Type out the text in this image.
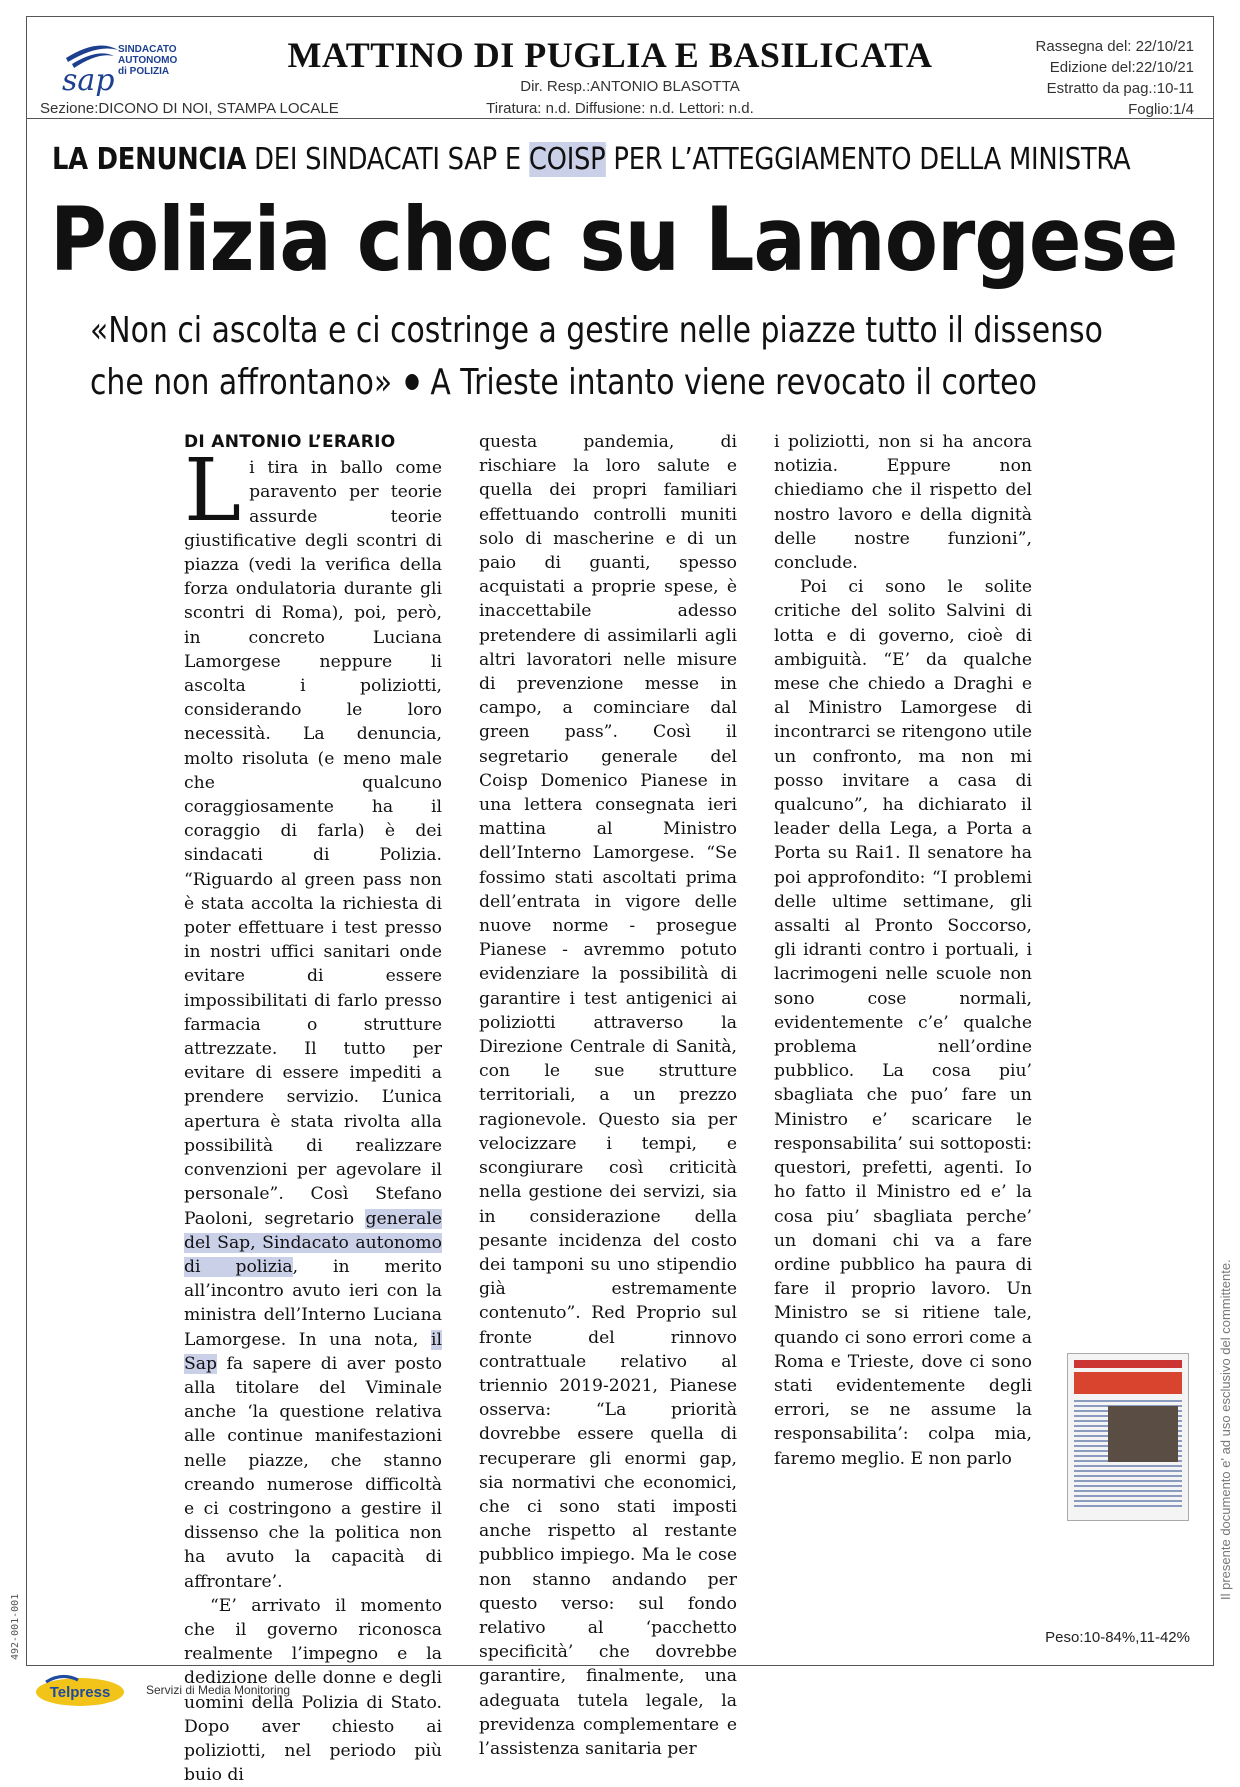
sap
SINDACATO
AUTONOMO
di POLIZIA	MATTINO DI PUGLIA E BASILICATA
Dir. Resp.:ANTONIO BLASOTTA
Tiratura: n.d. Diffusione: n.d. Lettori: n.d.
Sezione:DICONO DI NOI, STAMPA LOCALE
Rassegna del: 22/10/21
Edizione del:22/10/21
Estratto da pag.:10-11
Foglio:1/4
LA DENUNCIA DEI SINDACATI SAP E COISP PER L’ATTEGGIAMENTO DELLA MINISTRA
Polizia choc su Lamorgese
«Non ci ascolta e ci costringe a gestire nelle piazze tutto il dissenso
che non affrontano» A Trieste intanto viene revocato il corteo
DI ANTONIO L’ERARIO

Li tira in ballo come paravento per teorie assurde teorie giustificative degli scontri di piazza (vedi la verifica della forza ondulatoria durante gli scontri di Roma), poi, però, in concreto Luciana Lamorgese neppure li ascolta i poliziotti, considerando le loro necessità. La denuncia, molto risoluta (e meno male che qualcuno coraggiosamente ha il coraggio di farla) è dei sindacati di Polizia. “Riguardo al green pass non è stata accolta la richiesta di poter effettuare i test presso in nostri uffici sanitari onde evitare di essere impossibilitati di farlo presso farmacia o strutture attrezzate. Il tutto per evitare di essere impediti a prendere servizio. L’unica apertura è stata rivolta alla possibilità di realizzare convenzioni per agevolare il personale”. Così Stefano Paoloni, segretario generale del Sap, Sindacato autonomo di polizia, in merito all’incontro avuto ieri con la ministra dell’Interno Luciana Lamorgese. In una nota, il Sap fa sapere di aver posto alla titolare del Viminale anche ‘la questione relativa alle continue manifestazioni nelle piazze, che stanno creando numerose difficoltà e ci costringono a gestire il dissenso che la politica non ha avuto la capacità di affrontare’.

“E’ arrivato il momento che il governo riconosca realmente l’impegno e la dedizione delle donne e degli uomini della Polizia di Stato. Dopo aver chiesto ai poliziotti, nel periodo più buio di

questa pandemia, di rischiare la loro salute e quella dei propri familiari effettuando controlli muniti solo di mascherine e di un paio di guanti, spesso acquistati a proprie spese, è inaccettabile adesso pretendere di assimilarli agli altri lavoratori nelle misure di prevenzione messe in campo, a cominciare dal green pass”. Così il segretario generale del Coisp Domenico Pianese in una lettera consegnata ieri mattina al Ministro dell’Interno Lamorgese. “Se fossimo stati ascoltati prima dell’entrata in vigore delle nuove norme - prosegue Pianese - avremmo potuto evidenziare la possibilità di garantire i test antigenici ai poliziotti attraverso la Direzione Centrale di Sanità, con le sue strutture territoriali, a un prezzo ragionevole. Questo sia per velocizzare i tempi, e scongiurare così criticità nella gestione dei servizi, sia in considerazione della pesante incidenza del costo dei tamponi su uno stipendio già estremamente contenuto”. Red Proprio sul fronte del rinnovo contrattuale relativo al triennio 2019-2021, Pianese osserva: “La priorità dovrebbe essere quella di recuperare gli enormi gap, sia normativi che economici, che ci sono stati imposti anche rispetto al restante pubblico impiego. Ma le cose non stanno andando per questo verso: sul fondo relativo al ‘pacchetto specificità’ che dovrebbe garantire, finalmente, una adeguata tutela legale, la previdenza complementare e l’assistenza sanitaria per

i poliziotti, non si ha ancora notizia. Eppure non chiediamo che il rispetto del nostro lavoro e della dignità delle nostre funzioni”, conclude.

Poi ci sono le solite critiche del solito Salvini di lotta e di governo, cioè di ambiguità. “E’ da qualche mese che chiedo a Draghi e al Ministro Lamorgese di incontrarci se ritengono utile un confronto, ma non mi posso invitare a casa di qualcuno”, ha dichiarato il leader della Lega, a Porta a Porta su Rai1. Il senatore ha poi approfondito: “I problemi delle ultime settimane, gli assalti al Pronto Soccorso, gli idranti contro i portuali, i lacrimogeni nelle scuole non sono cose normali, evidentemente c’e’ qualche problema nell’ordine pubblico. La cosa piu’ sbagliata che puo’ fare un Ministro e’ scaricare le responsabilita’ sui sottoposti: questori, prefetti, agenti. Io ho fatto il Ministro ed e’ la cosa piu’ sbagliata perche’ un domani chi va a fare ordine pubblico ha paura di fare il proprio lavoro. Un Ministro se si ritiene tale, quando ci sono errori come a Roma e Trieste, dove ci sono stati evidentemente degli errori, se ne assume la responsabilita’: colpa mia, faremo meglio. E non parlo

Peso:10-84%,11-42%
Il presente documento e' ad uso esclusivo del committente.
492-001-001
Telpress	Servizi di Media Monitoring
